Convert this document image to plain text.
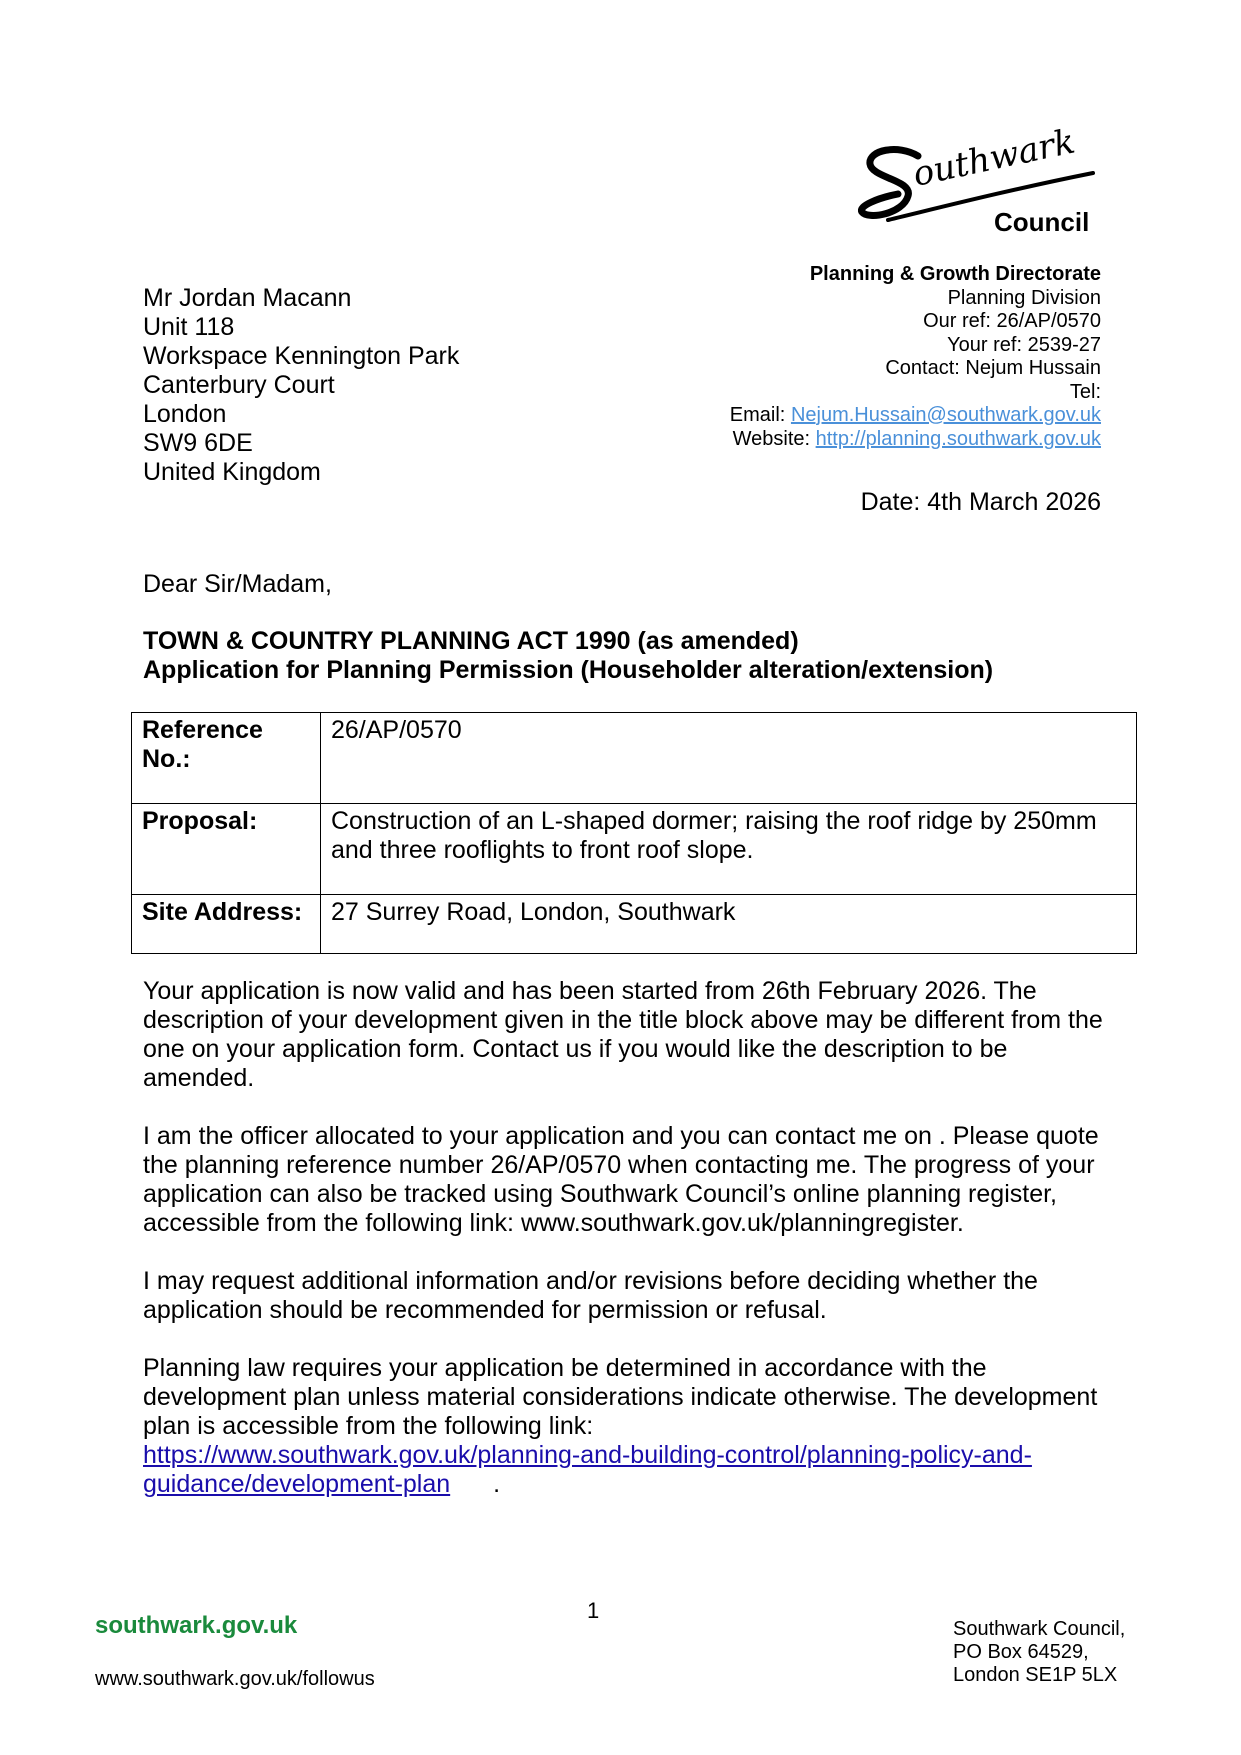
outhwark
Council
Planning & Growth Directorate
Planning Division
Our ref: 26/AP/0570
Your ref: 2539-27
Contact: Nejum Hussain
Tel:
Email: Nejum.Hussain@southwark.gov.uk
Website: http://planning.southwark.gov.uk
Mr Jordan Macann
Unit 118
Workspace Kennington Park
Canterbury Court
London
SW9 6DE
United Kingdom
Date: 4th March 2026
Dear Sir/Madam,
TOWN & COUNTRY PLANNING ACT 1990 (as amended)
Application for Planning Permission (Householder alteration/extension)
Reference No.:	26/AP/0570
Proposal:	Construction of an L-shaped dormer; raising the roof ridge by 250mm and three rooflights to front roof slope.
Site Address:	27 Surrey Road, London, Southwark

Your application is now valid and has been started from 26th February 2026. The description of your development given in the title block above may be different from the one on your application form. Contact us if you would like the description to be amended.

I am the officer allocated to your application and you can contact me on . Please quote the planning reference number 26/AP/0570 when contacting me. The progress of your application can also be tracked using Southwark Council’s online planning register, accessible from the following link: www.southwark.gov.uk/planningregister.

I may request additional information and/or revisions before deciding whether the application should be recommended for permission or refusal.

Planning law requires your application be determined in accordance with the development plan unless material considerations indicate otherwise. The development plan is accessible from the following link:
https://www.southwark.gov.uk/planning-and-building-control/planning-policy-and-guidance/development-plan .

1
southwark.gov.uk
www.southwark.gov.uk/followus
Southwark Council,
PO Box 64529,
London SE1P 5LX
